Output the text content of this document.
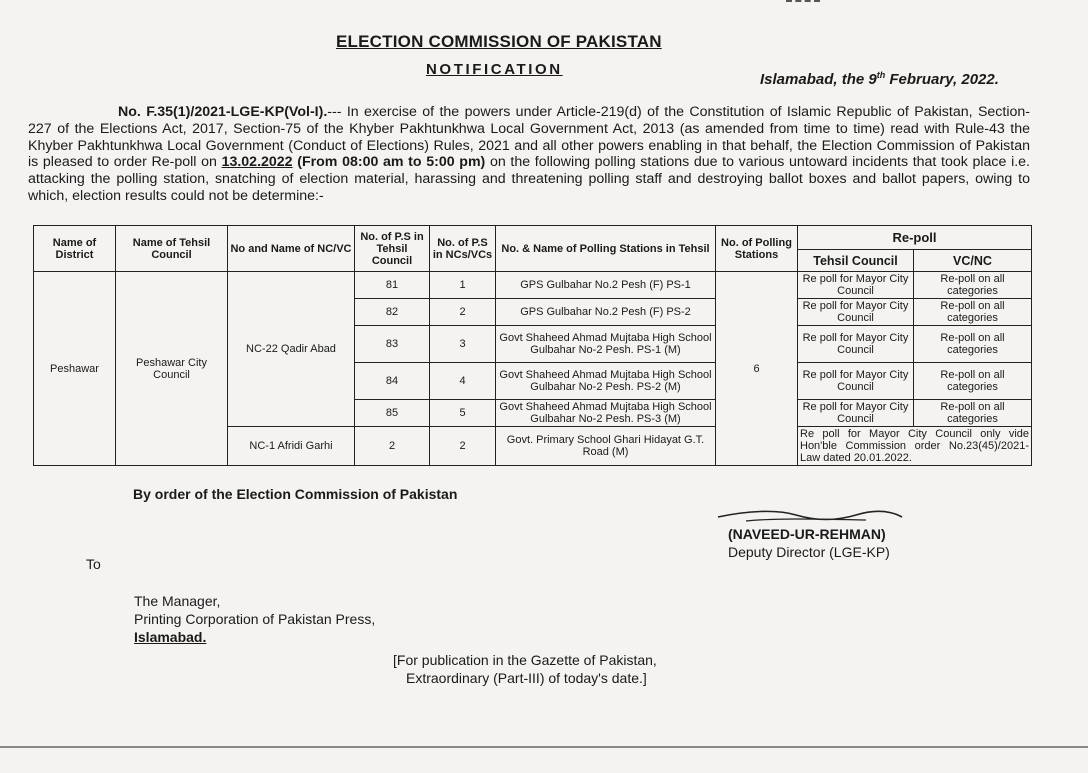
ELECTION COMMISSION OF PAKISTAN
NOTIFICATION
Islamabad, the 9th February, 2022.
No. F.35(1)/2021-LGE-KP(Vol-I).--- In exercise of the powers under Article-219(d) of the Constitution of Islamic Republic of Pakistan, Section- 227 of the Elections Act, 2017, Section-75 of the Khyber Pakhtunkhwa Local Government Act, 2013 (as amended from time to time) read with Rule-43 the Khyber Pakhtunkhwa Local Government (Conduct of Elections) Rules, 2021 and all other powers enabling in that behalf, the Election Commission of Pakistan is pleased to order Re-poll on 13.02.2022 (From 08:00 am to 5:00 pm) on the following polling stations due to various untoward incidents that took place i.e. attacking the polling station, snatching of election material, harassing and threatening polling staff and destroying ballot boxes and ballot papers, owing to which, election results could not be determine:-
Name of District	Name of Tehsil Council	No and Name of NC/VC	No. of P.S in Tehsil Council	No. of P.S in NCs/VCs	No. & Name of Polling Stations in Tehsil	No. of Polling Stations	Re-poll	
							Tehsil Council	VC/NC
Peshawar	Peshawar City Council	NC-22 Qadir Abad	81	1	GPS Gulbahar No.2 Pesh (F) PS-1	6	Re poll for Mayor City Council	Re-poll on all categories
			82	2	GPS Gulbahar No.2 Pesh (F) PS-2		Re poll for Mayor City Council	Re-poll on all categories
			83	3	Govt Shaheed Ahmad Mujtaba High School Gulbahar No-2 Pesh. PS-1 (M)		Re poll for Mayor City Council	Re-poll on all categories
			84	4	Govt Shaheed Ahmad Mujtaba High School Gulbahar No-2 Pesh. PS-2 (M)		Re poll for Mayor City Council	Re-poll on all categories
			85	5	Govt Shaheed Ahmad Mujtaba High School Gulbahar No-2 Pesh. PS-3 (M)		Re poll for Mayor City Council	Re-poll on all categories
		NC-1 Afridi Garhi	2	2	Govt. Primary School Ghari Hidayat G.T. Road (M)		Re poll for Mayor City Council only vide Hon'ble Commission order No.23(45)/2021-Law dated 20.01.2022.	
By order of the Election Commission of Pakistan
(NAVEED-UR-REHMAN)
Deputy Director (LGE-KP)
To
The Manager,
Printing Corporation of Pakistan Press,
Islamabad.
[For publication in the Gazette of Pakistan,
Extraordinary (Part-III) of today's date.]
